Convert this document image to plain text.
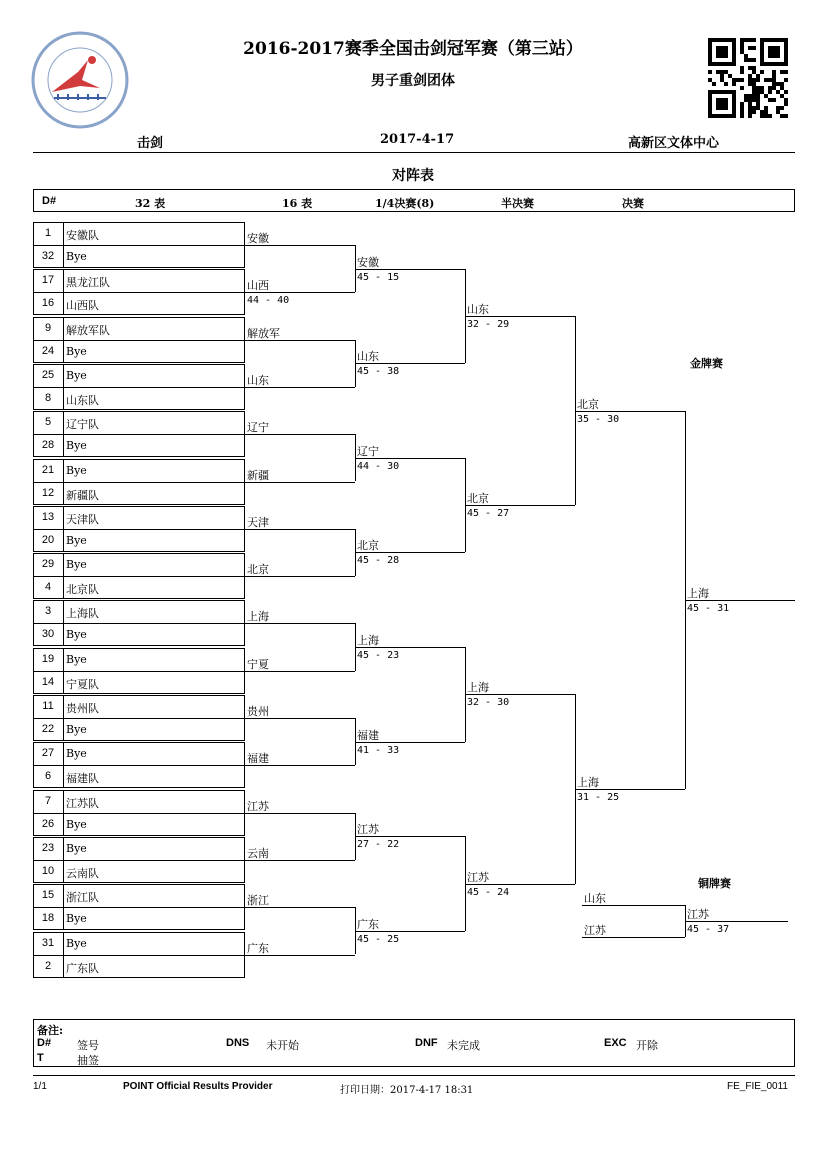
2016-2017赛季全国击剑冠军赛（第三站）
男子重剑团体
击剑	2017-4-17	高新区文体中心
对阵表
D#	32 表	16 表	1/4决赛(8)	半决赛	决赛
1	安徽队
32	Bye
17	黑龙江队
16	山西队
9	解放军队
24	Bye
25	Bye
8	山东队
5	辽宁队
28	Bye
21	Bye
12	新疆队
13	天津队
20	Bye
29	Bye
4	北京队
3	上海队
30	Bye
19	Bye
14	宁夏队
11	贵州队
22	Bye
27	Bye
6	福建队
7	江苏队
26	Bye
23	Bye
10	云南队
15	浙江队
18	Bye
31	Bye
2	广东队
安徽
山西
44 - 40
解放军
山东
辽宁
新疆
天津
北京
上海
宁夏
贵州
福建
江苏
云南
浙江
广东
安徽
45 - 15
山东
45 - 38
辽宁
44 - 30
北京
45 - 28
上海
45 - 23
福建
41 - 33
江苏
27 - 22
广东
45 - 25
山东
32 - 29
北京
45 - 27
上海
32 - 30
江苏
45 - 24
北京
35 - 30
上海
31 - 25
上海
45 - 31
山东
江苏
江苏
45 - 37
金牌赛
铜牌赛
备注:
D# 签号
T	抽签
DNS 未开始	DNF 未完成	EXC 开除
1/1	POINT Official Results Provider	打印日期：2017-4-17 18:31	FE_FIE_0011
